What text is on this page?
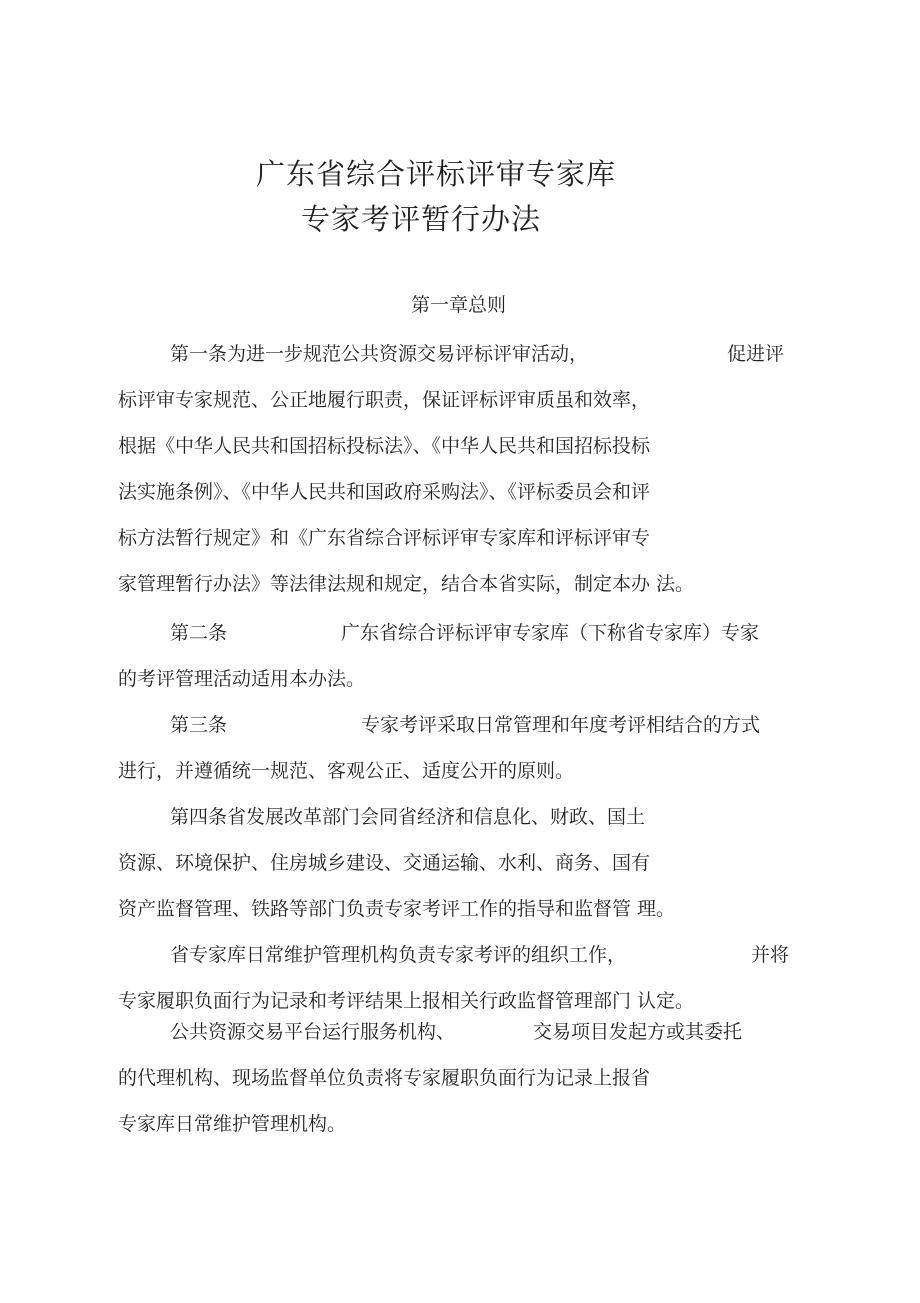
广东省综合评标评审专家库
专家考评暂行办法
第一章总则
第一条为进一步规范公共资源交易评标评审活动，	促进评
标评审专家规范、公正地履行职责，保证评标评审质虽和效率，
根据《中华人民共和国招标投标法》、《中华人民共和国招标投标
法实施条例》、《中华人民共和国政府采购法》、《评标委员会和评
标方法暂行规定》和《广东省综合评标评审专家库和评标评审专
家管理暂行办法》等法律法规和规定，结合本省实际，制定本办 法。
第二条	广东省综合评标评审专家库（下称省专家库）专家
的考评管理活动适用本办法。
第三条	专家考评采取日常管理和年度考评相结合的方式
进行，并遵循统一规范、客观公正、适度公开的原则。
第四条省发展改革部门会同省经济和信息化、财政、国土
资源、环境保护、住房城乡建设、交通运输、水利、商务、国有
资产监督管理、铁路等部门负责专家考评工作的指导和监督管 理。
省专家库日常维护管理机构负责专家考评的组织工作，	并将
专家履职负面行为记录和考评结果上报相关行政监督管理部门 认定。
公共资源交易平台运行服务机构、	交易项目发起方或其委托
的代理机构、现场监督单位负责将专家履职负面行为记录上报省
专家库日常维护管理机构。
